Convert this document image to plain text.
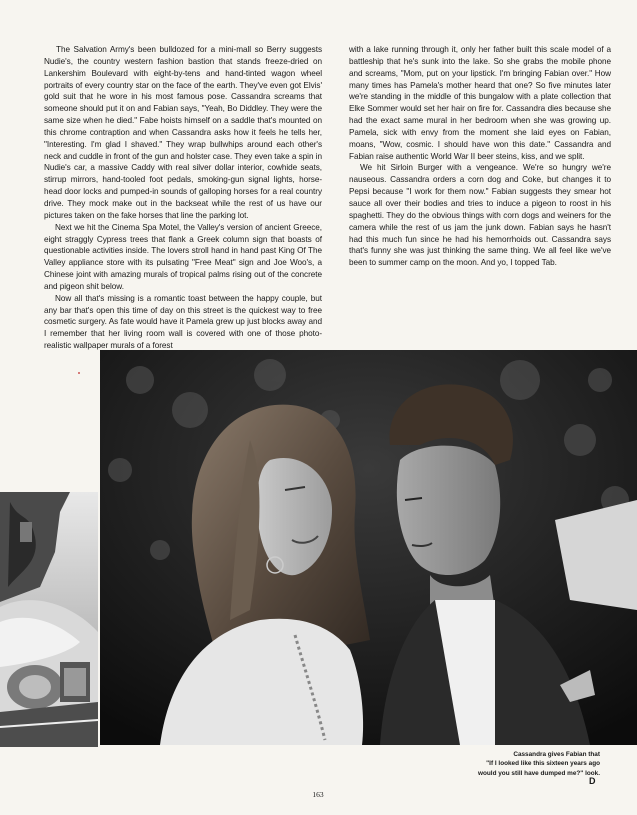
The Salvation Army's been bulldozed for a mini-mall so Berry suggests Nudie's, the country western fashion bastion that stands freeze-dried on Lankershim Boulevard with eight-by-tens and hand-tinted wagon wheel portraits of every country star on the face of the earth. They've even got Elvis' gold suit that he wore in his most famous pose. Cassandra screams that someone should put it on and Fabian says, "Yeah, Bo Diddley. They were the same size when he died." Fabe hoists himself on a saddle that's mounted on this chrome contraption and when Cassandra asks how it feels he tells her, "Interesting. I'm glad I shaved." They wrap bullwhips around each other's neck and cuddle in front of the gun and holster case. They even take a spin in Nudie's car, a massive Caddy with real silver dollar interior, cowhide seats, stirrup mirrors, hand-tooled foot pedals, smoking-gun signal lights, horse-head door locks and pumped-in sounds of galloping horses for a real country drive. They mock make out in the backseat while the rest of us have our pictures taken on the fake horses that line the parking lot.

Next we hit the Cinema Spa Motel, the Valley's version of ancient Greece, eight straggly Cypress trees that flank a Greek column sign that boasts of questionable activities inside. The lovers stroll hand in hand past King Of The Valley appliance store with its pulsating "Free Meat" sign and Joe Woo's, a Chinese joint with amazing murals of tropical palms rising out of the concrete and pigeon shit below.

Now all that's missing is a romantic toast between the happy couple, but any bar that's open this time of day on this street is the quickest way to free cosmetic surgery. As fate would have it Pamela grew up just blocks away and I remember that her living room wall is covered with one of those photo-realistic wallpaper murals of a forest

with a lake running through it, only her father built this scale model of a battleship that he's sunk into the lake. So she grabs the mobile phone and screams, "Mom, put on your lipstick. I'm bringing Fabian over." How many times has Pamela's mother heard that one? So five minutes later we're standing in the middle of this bungalow with a plate collection that Elke Sommer would set her hair on fire for. Cassandra dies because she had the exact same mural in her bedroom when she was growing up. Pamela, sick with envy from the moment she laid eyes on Fabian, moans, "Wow, cosmic. I should have won this date." Cassandra and Fabian raise authentic World War II beer steins, kiss, and we split.

We hit Sirloin Burger with a vengeance. We're so hungry we're nauseous. Cassandra orders a corn dog and Coke, but changes it to Pepsi because "I work for them now." Fabian suggests they smear hot sauce all over their bodies and tries to induce a pigeon to roost in his spaghetti. They do the obvious things with corn dogs and weiners for the camera while the rest of us jam the junk down. Fabian says he hasn't had this much fun since he had his hemorrhoids out. Cassandra says that's funny she was just thinking the same thing. We all feel like we've been to summer camp on the moon. And yo, I topped Tab.

Cassandra gives Fabian that
"If I looked like this sixteen years ago
would you still have dumped me?" look.
D
163
